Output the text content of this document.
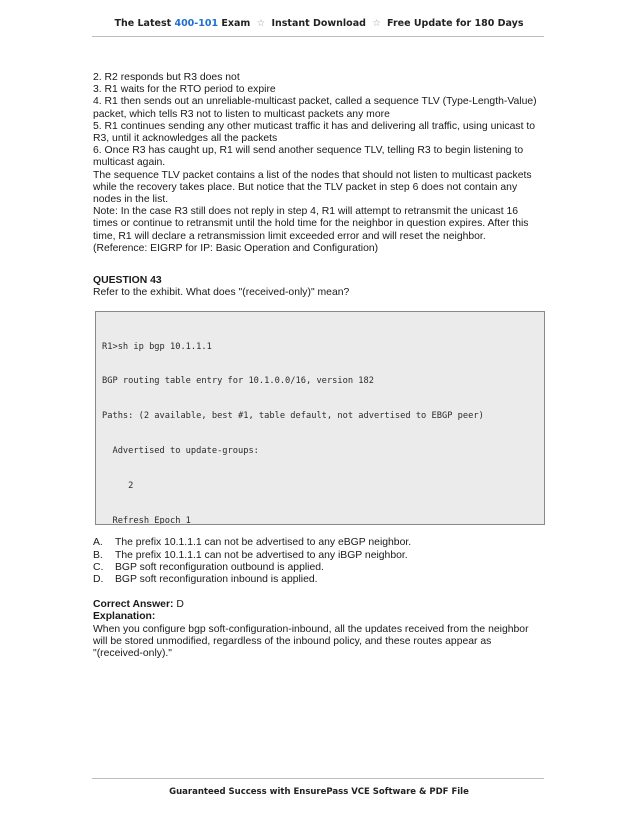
The Latest 400-101 Exam ☆ Instant Download ☆ Free Update for 180 Days

2. R2 responds but R3 does not

3. R1 waits for the RTO period to expire

4. R1 then sends out an unreliable-multicast packet, called a sequence TLV (Type-Length-Value)

packet, which tells R3 not to listen to multicast packets any more

5. R1 continues sending any other muticast traffic it has and delivering all traffic, using unicast to

R3, until it acknowledges all the packets

6. Once R3 has caught up, R1 will send another sequence TLV, telling R3 to begin listening to

multicast again.

The sequence TLV packet contains a list of the nodes that should not listen to multicast packets

while the recovery takes place. But notice that the TLV packet in step 6 does not contain any

nodes in the list.

Note: In the case R3 still does not reply in step 4, R1 will attempt to retransmit the unicast 16

times or continue to retransmit until the hold time for the neighbor in question expires. After this

time, R1 will declare a retransmission limit exceeded error and will reset the neighbor.

(Reference: EIGRP for IP: Basic Operation and Configuration)

QUESTION 43

Refer to the exhibit. What does "(received-only)" mean?

R1>sh ip bgp 10.1.1.1

BGP routing table entry for 10.1.0.0/16, version 182

Paths: (2 available, best #1, table default, not advertised to EBGP peer)

Advertised to update-groups:

2

Refresh Epoch 1

A.	The prefix 10.1.1.1 can not be advertised to any eBGP neighbor.
B.	The prefix 10.1.1.1 can not be advertised to any iBGP neighbor.
C.	BGP soft reconfiguration outbound is applied.
D.	BGP soft reconfiguration inbound is applied.

Correct Answer: D

Explanation:

When you configure bgp soft-configuration-inbound, all the updates received from the neighbor

will be stored unmodified, regardless of the inbound policy, and these routes appear as

"(received-only)."

Guaranteed Success with EnsurePass VCE Software & PDF File
